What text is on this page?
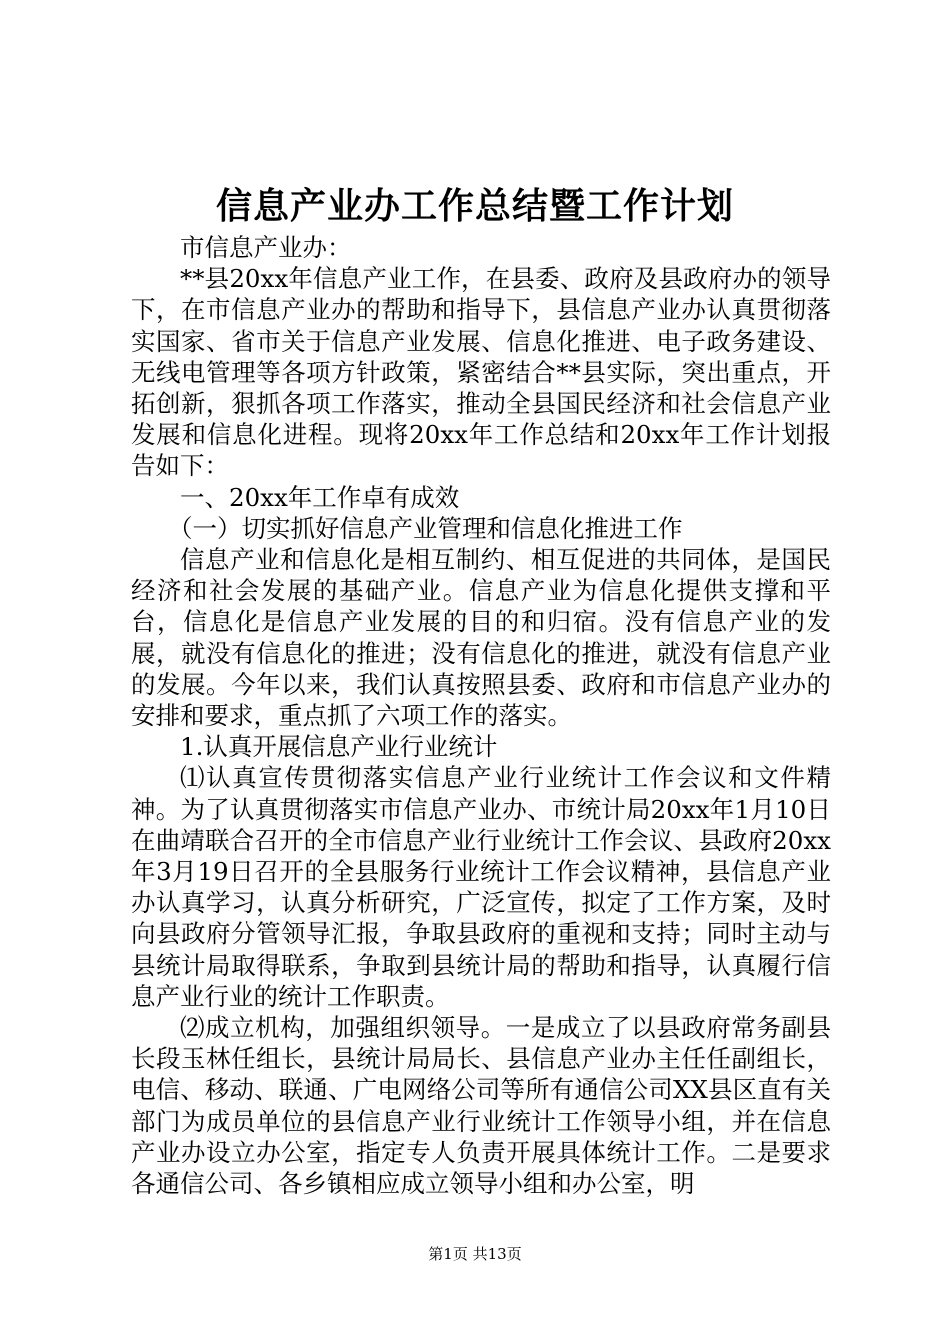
信息产业办工作总结暨工作计划

市信息产业办：

**县20xx年信息产业工作，在县委、政府及县政府办的领导下，在市信息产业办的帮助和指导下，县信息产业办认真贯彻落实国家、省市关于信息产业发展、信息化推进、电子政务建设、无线电管理等各项方针政策，紧密结合**县实际，突出重点，开拓创新，狠抓各项工作落实，推动全县国民经济和社会信息产业发展和信息化进程。现将20xx年工作总结和20xx年工作计划报告如下：

一、20xx年工作卓有成效

（一）切实抓好信息产业管理和信息化推进工作

信息产业和信息化是相互制约、相互促进的共同体，是国民经济和社会发展的基础产业。信息产业为信息化提供支撑和平台，信息化是信息产业发展的目的和归宿。没有信息产业的发展，就没有信息化的推进；没有信息化的推进，就没有信息产业的发展。今年以来，我们认真按照县委、政府和市信息产业办的安排和要求，重点抓了六项工作的落实。

1.认真开展信息产业行业统计

⑴认真宣传贯彻落实信息产业行业统计工作会议和文件精神。为了认真贯彻落实市信息产业办、市统计局20xx年1月10日在曲靖联合召开的全市信息产业行业统计工作会议、县政府20xx年3月19日召开的全县服务行业统计工作会议精神，县信息产业办认真学习，认真分析研究，广泛宣传，拟定了工作方案，及时向县政府分管领导汇报，争取县政府的重视和支持；同时主动与县统计局取得联系，争取到县统计局的帮助和指导，认真履行信息产业行业的统计工作职责。

⑵成立机构，加强组织领导。一是成立了以县政府常务副县长段玉林任组长，县统计局局长、县信息产业办主任任副组长，电信、移动、联通、广电网络公司等所有通信公司XX县区直有关部门为成员单位的县信息产业行业统计工作领导小组，并在信息产业办设立办公室，指定专人负责开展具体统计工作。二是要求各通信公司、各乡镇相应成立领导小组和办公室，明

第1页 共13页
